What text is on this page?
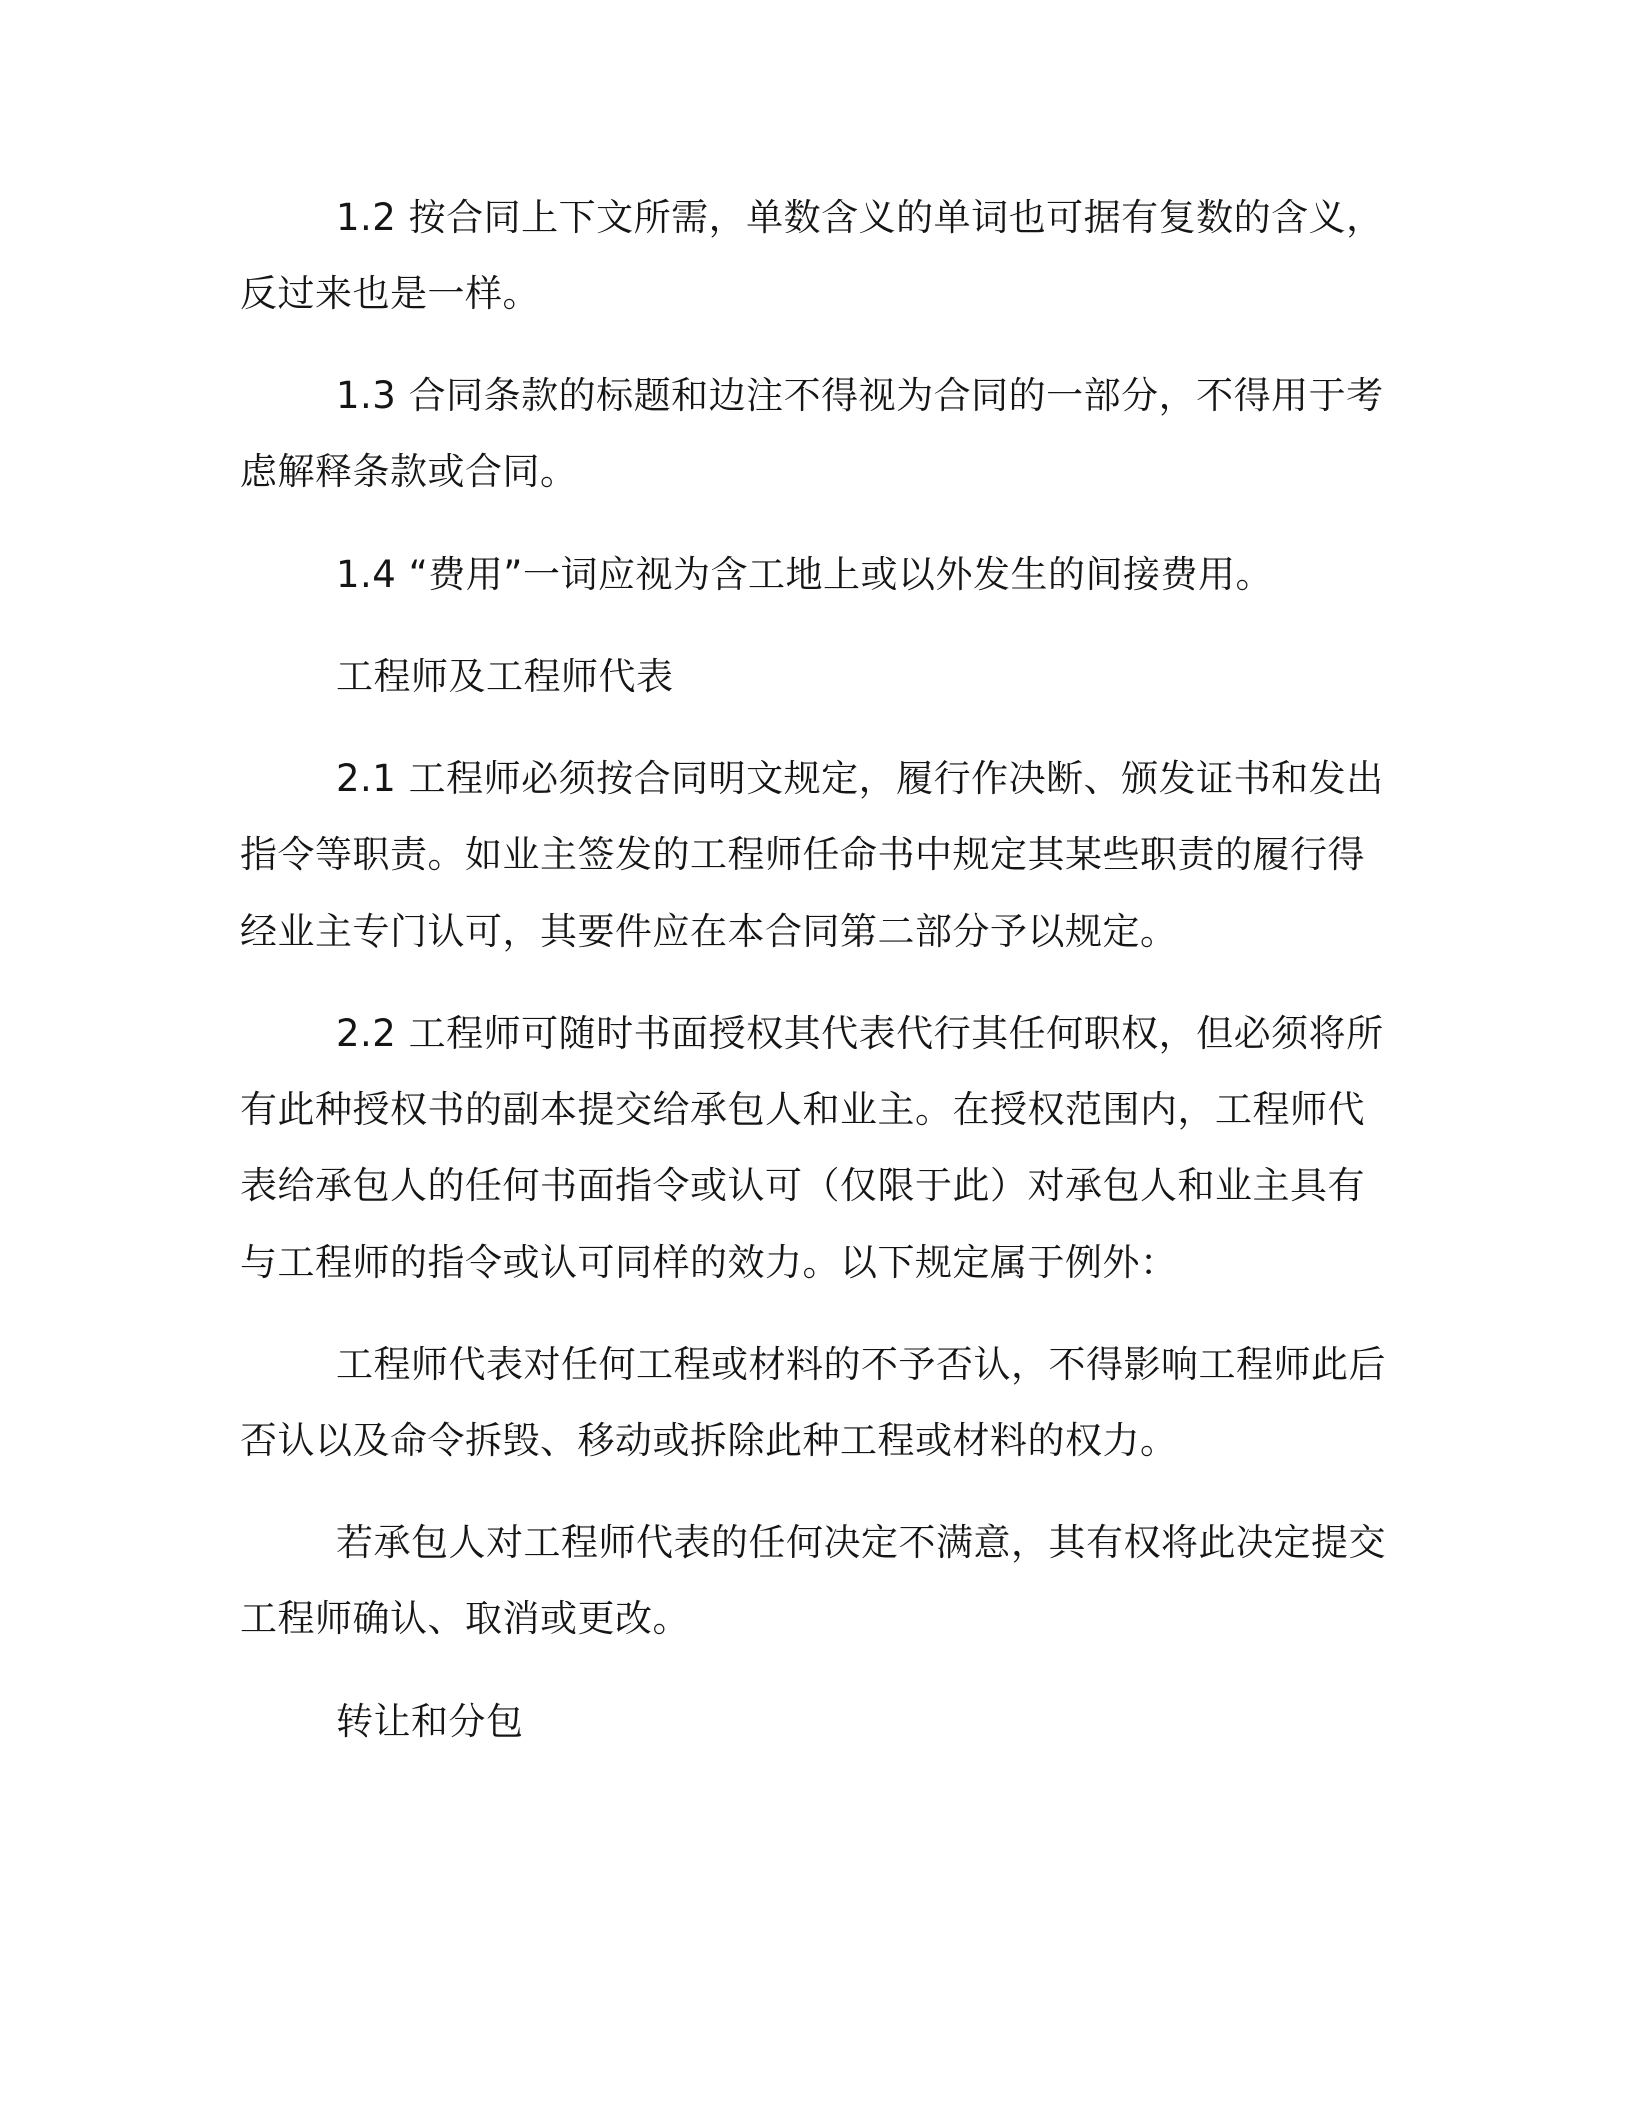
1.2 按合同上下文所需，单数含义的单词也可据有复数的含义，
反过来也是一样。
1.3 合同条款的标题和边注不得视为合同的一部分，不得用于考
虑解释条款或合同。
1.4 “费用”一词应视为含工地上或以外发生的间接费用。
工程师及工程师代表
2.1 工程师必须按合同明文规定，履行作决断、颁发证书和发出
指令等职责。如业主签发的工程师任命书中规定其某些职责的履行得
经业主专门认可，其要件应在本合同第二部分予以规定。
2.2 工程师可随时书面授权其代表代行其任何职权，但必须将所
有此种授权书的副本提交给承包人和业主。在授权范围内，工程师代
表给承包人的任何书面指令或认可（仅限于此）对承包人和业主具有
与工程师的指令或认可同样的效力。以下规定属于例外：
工程师代表对任何工程或材料的不予否认，不得影响工程师此后
否认以及命令拆毁、移动或拆除此种工程或材料的权力。
若承包人对工程师代表的任何决定不满意，其有权将此决定提交
工程师确认、取消或更改。
转让和分包
